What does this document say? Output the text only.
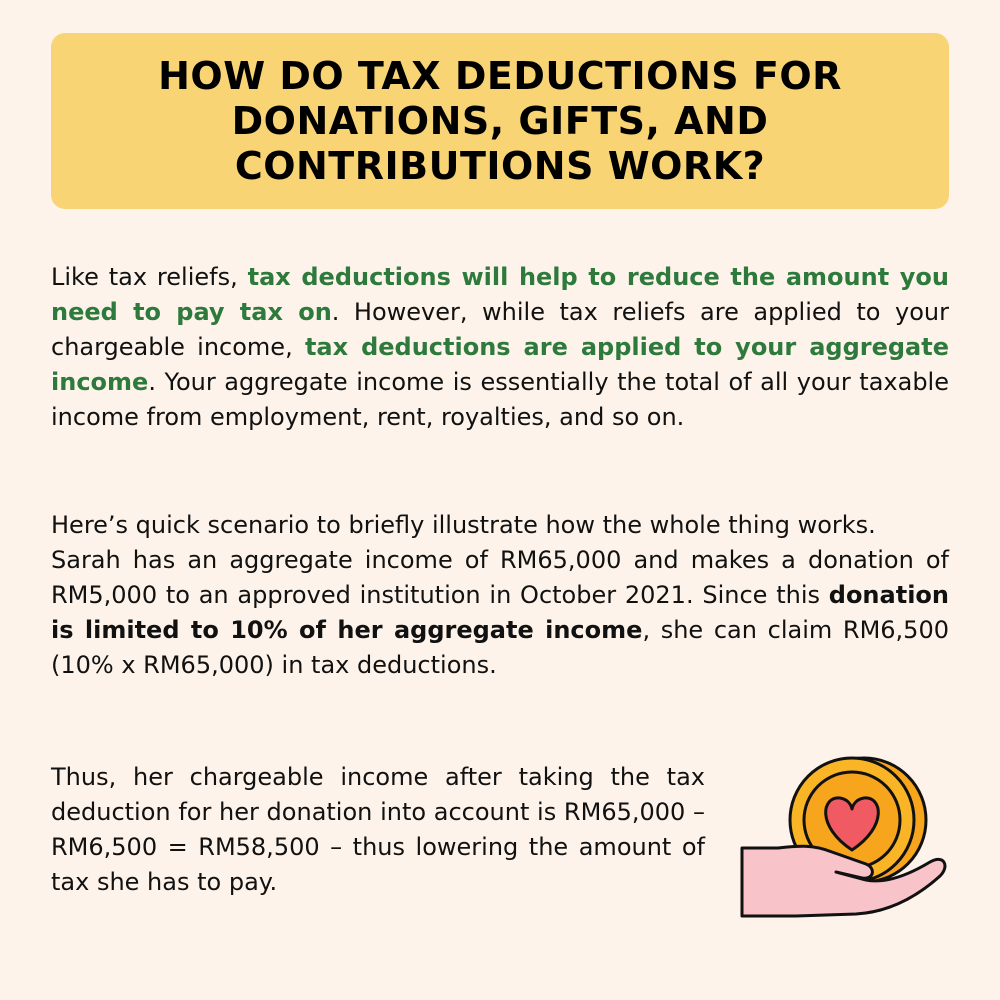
HOW DO TAX DEDUCTIONS FOR
DONATIONS, GIFTS, AND
CONTRIBUTIONS WORK?

Like tax reliefs, tax deductions will help to reduce the amount you need to pay tax on. However, while tax reliefs are applied to your chargeable income, tax deductions are applied to your aggregate income. Your aggregate income is essentially the total of all your taxable income from employment, rent, royalties, and so on.

Here’s quick scenario to briefly illustrate how the whole thing works.
Sarah has an aggregate income of RM65,000 and makes a donation of RM5,000 to an approved institution in October 2021. Since this donation is limited to 10% of her aggregate income, she can claim RM6,500 (10% x RM65,000) in tax deductions.

Thus, her chargeable income after taking the tax deduction for her donation into account is RM65,000 – RM6,500 = RM58,500 – thus lowering the amount of tax she has to pay.
